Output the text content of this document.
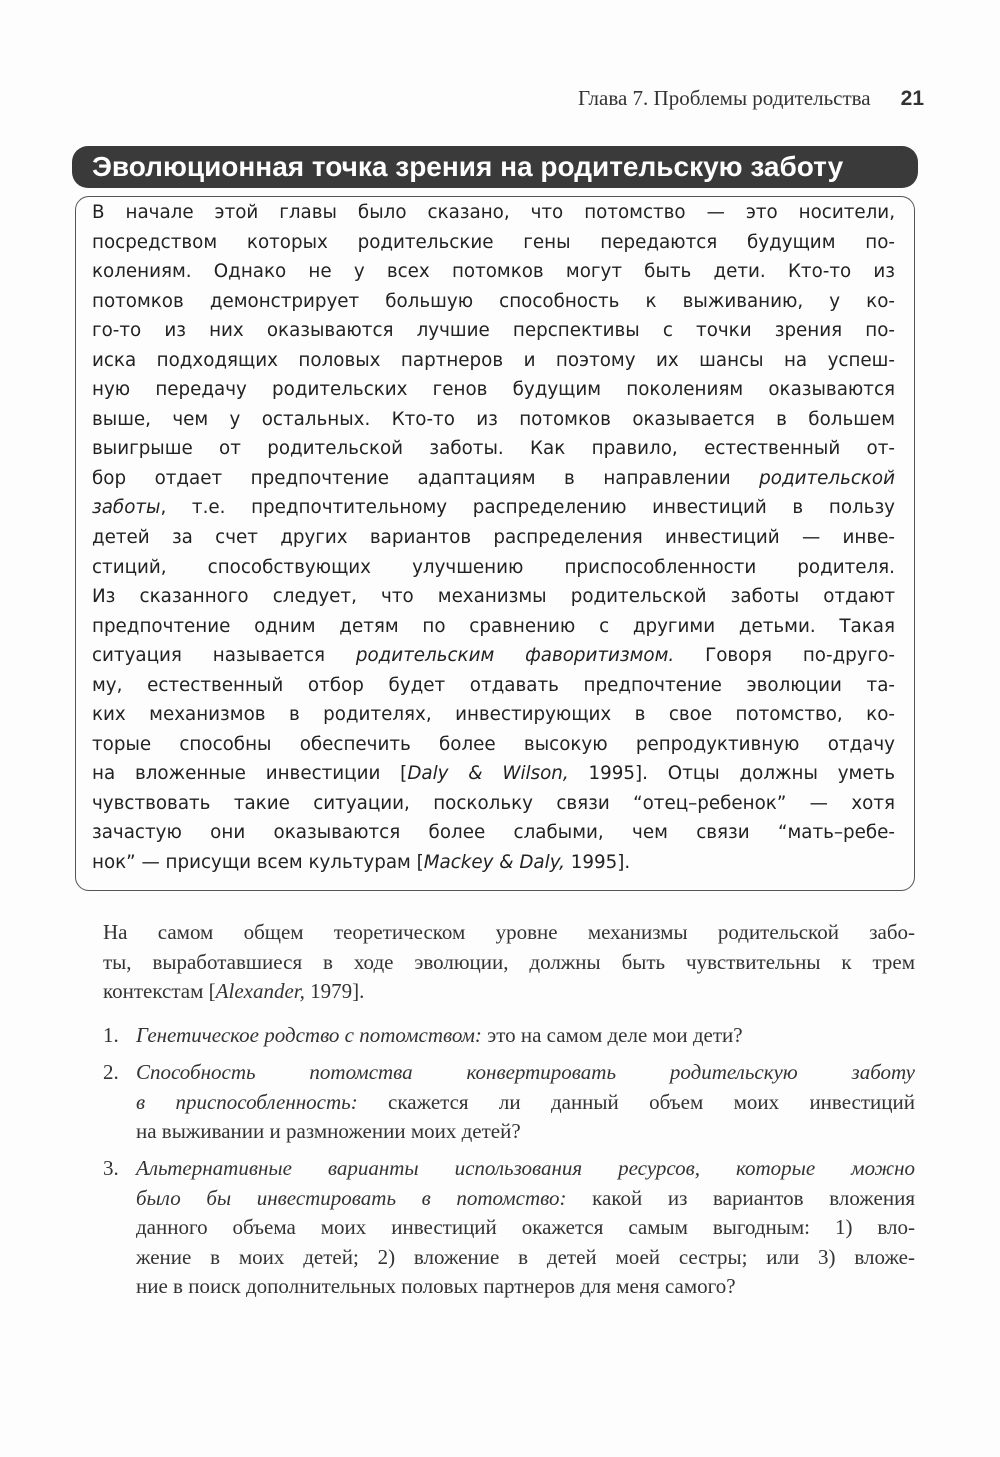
Глава 7. Проблемы родительства 21
Эволюционная точка зрения на родительскую заботу
В начале этой главы было сказано, что потомство — это носители,
посредством которых родительские гены передаются будущим по-
колениям. Однако не у всех потомков могут быть дети. Кто-то из
потомков демонстрирует большую способность к выживанию, у ко-
го-то из них оказываются лучшие перспективы с точки зрения по-
иска подходящих половых партнеров и поэтому их шансы на успеш-
ную передачу родительских генов будущим поколениям оказываются
выше, чем у остальных. Кто-то из потомков оказывается в большем
выигрыше от родительской заботы. Как правило, естественный от-
бор отдает предпочтение адаптациям в направлении родительской
заботы, т.е. предпочтительному распределению инвестиций в пользу
детей за счет других вариантов распределения инвестиций — инве-
стиций, способствующих улучшению приспособленности родителя.
Из сказанного следует, что механизмы родительской заботы отдают
предпочтение одним детям по сравнению с другими детьми. Такая
ситуация называется родительским фаворитизмом. Говоря по-друго-
му, естественный отбор будет отдавать предпочтение эволюции та-
ких механизмов в родителях, инвестирующих в свое потомство, ко-
торые способны обеспечить более высокую репродуктивную отдачу
на вложенные инвестиции [Daly & Wilson, 1995]. Отцы должны уметь
чувствовать такие ситуации, поскольку связи “отец–ребенок” — хотя
зачастую они оказываются более слабыми, чем связи “мать–ребе-
нок” — присущи всем культурам [Mackey & Daly, 1995].
На самом общем теоретическом уровне механизмы родительской забо-
ты, выработавшиеся в ходе эволюции, должны быть чувствительны к трем
контекстам [Alexander, 1979].
1. Генетическое родство с потомством: это на самом деле мои дети?
2. Способность потомства конвертировать родительскую заботу
в приспособленность: скажется ли данный объем моих инвестиций
на выживании и размножении моих детей?
3. Альтернативные варианты использования ресурсов, которые можно
было бы инвестировать в потомство: какой из вариантов вложения
данного объема моих инвестиций окажется самым выгодным: 1) вло-
жение в моих детей; 2) вложение в детей моей сестры; или 3) вложе-
ние в поиск дополнительных половых партнеров для меня самого?
